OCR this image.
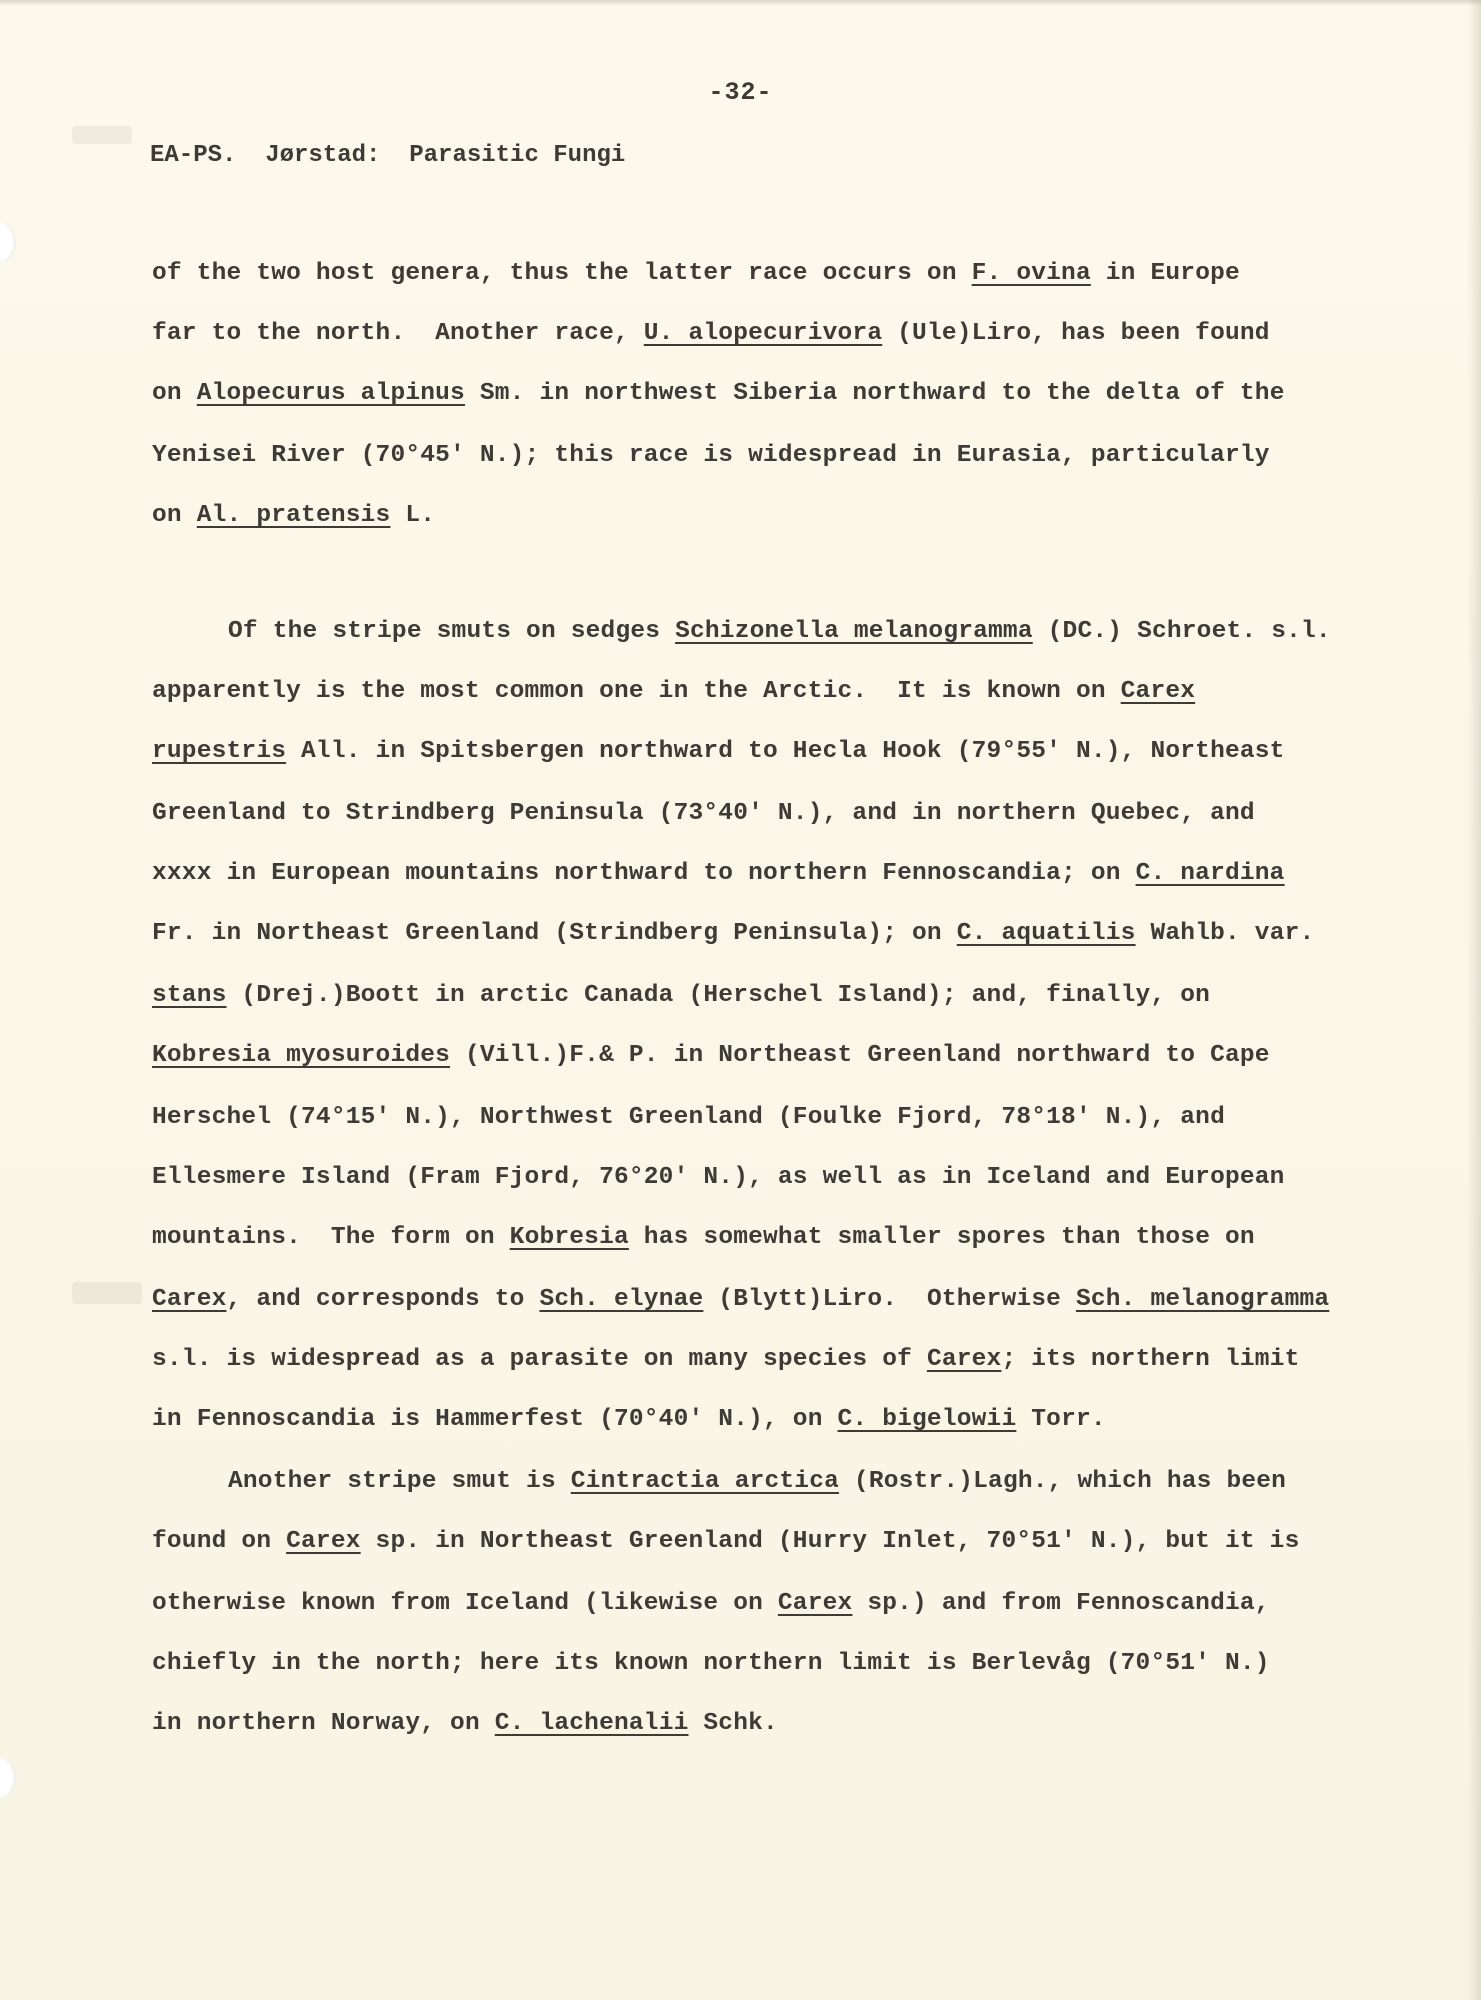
-32-
EA-PS.  Jørstad:  Parasitic Fungi
of the two host genera, thus the latter race occurs on F. ovina in Europe
far to the north.  Another race, U. alopecurivora (Ule)Liro, has been found
on Alopecurus alpinus Sm. in northwest Siberia northward to the delta of the
Yenisei River (70°45' N.); this race is widespread in Eurasia, particularly
on Al. pratensis L.
Of the stripe smuts on sedges Schizonella melanogramma (DC.) Schroet. s.l.
apparently is the most common one in the Arctic.  It is known on Carex
rupestris All. in Spitsbergen northward to Hecla Hook (79°55' N.), Northeast
Greenland to Strindberg Peninsula (73°40' N.), and in northern Quebec, and
xxxx in European mountains northward to northern Fennoscandia; on C. nardina
Fr. in Northeast Greenland (Strindberg Peninsula); on C. aquatilis Wahlb. var.
stans (Drej.)Boott in arctic Canada (Herschel Island); and, finally, on
Kobresia myosuroides (Vill.)F.& P. in Northeast Greenland northward to Cape
Herschel (74°15' N.), Northwest Greenland (Foulke Fjord, 78°18' N.), and
Ellesmere Island (Fram Fjord, 76°20' N.), as well as in Iceland and European
mountains.  The form on Kobresia has somewhat smaller spores than those on
Carex, and corresponds to Sch. elynae (Blytt)Liro.  Otherwise Sch. melanogramma
s.l. is widespread as a parasite on many species of Carex; its northern limit
in Fennoscandia is Hammerfest (70°40' N.), on C. bigelowii Torr.
Another stripe smut is Cintractia arctica (Rostr.)Lagh., which has been
found on Carex sp. in Northeast Greenland (Hurry Inlet, 70°51' N.), but it is
otherwise known from Iceland (likewise on Carex sp.) and from Fennoscandia,
chiefly in the north; here its known northern limit is Berlevåg (70°51' N.)
in northern Norway, on C. lachenalii Schk.
